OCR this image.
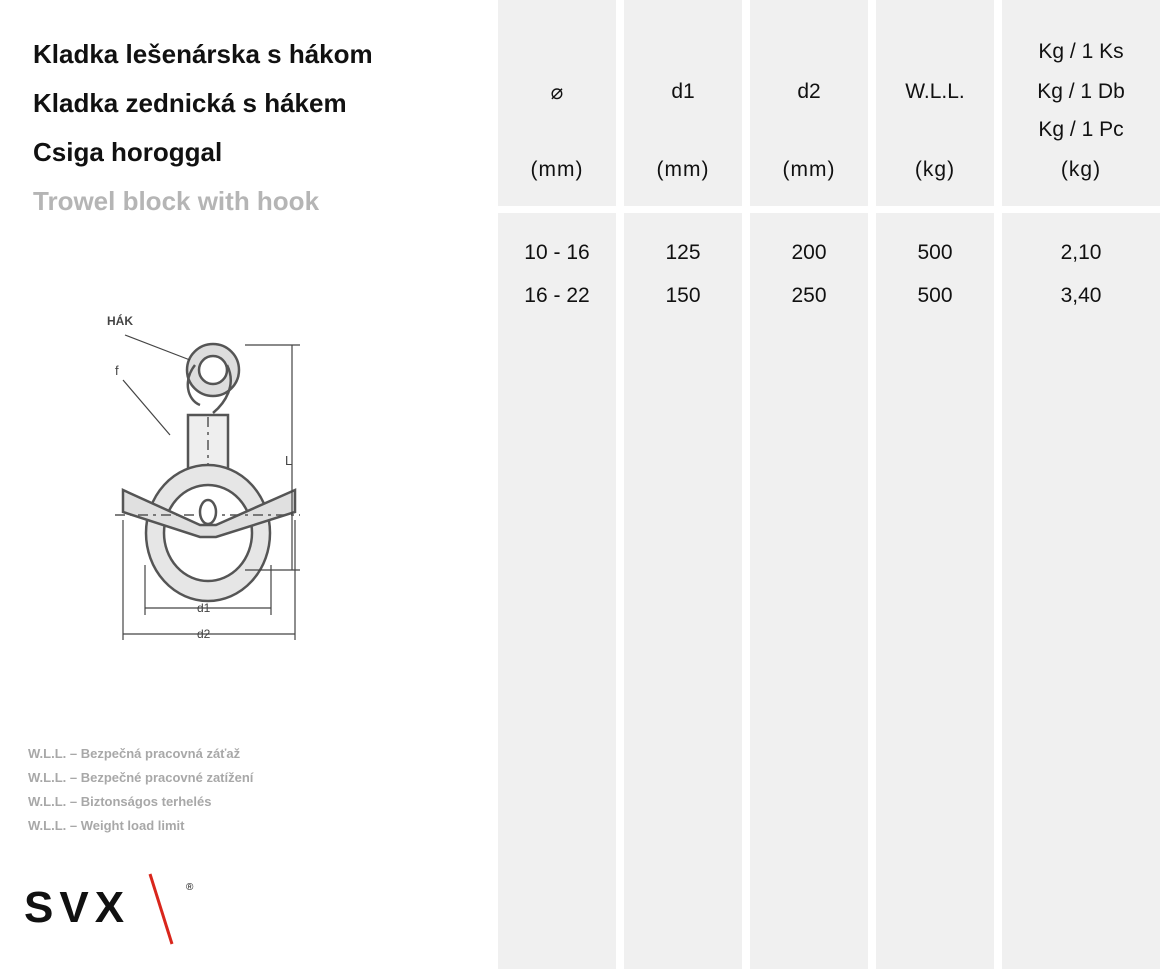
Kladka lešenárska s hákom
Kladka zednická s hákem
Csiga horoggal
Trowel block with hook
HÁK
f
L
d1
d2
W.L.L. – Bezpečná pracovná záťaž
W.L.L. – Bezpečné pracovné zatížení
W.L.L. – Biztonságos terhelés
W.L.L. – Weight load limit
SVX	®
⌀
(mm)
10 - 16
16 - 22
d1
(mm)
125
150
d2
(mm)
200
250
W.L.L.
(kg)
500
500
Kg / 1 Ks
Kg / 1 Db
Kg / 1 Pc
(kg)
2,10
3,40
